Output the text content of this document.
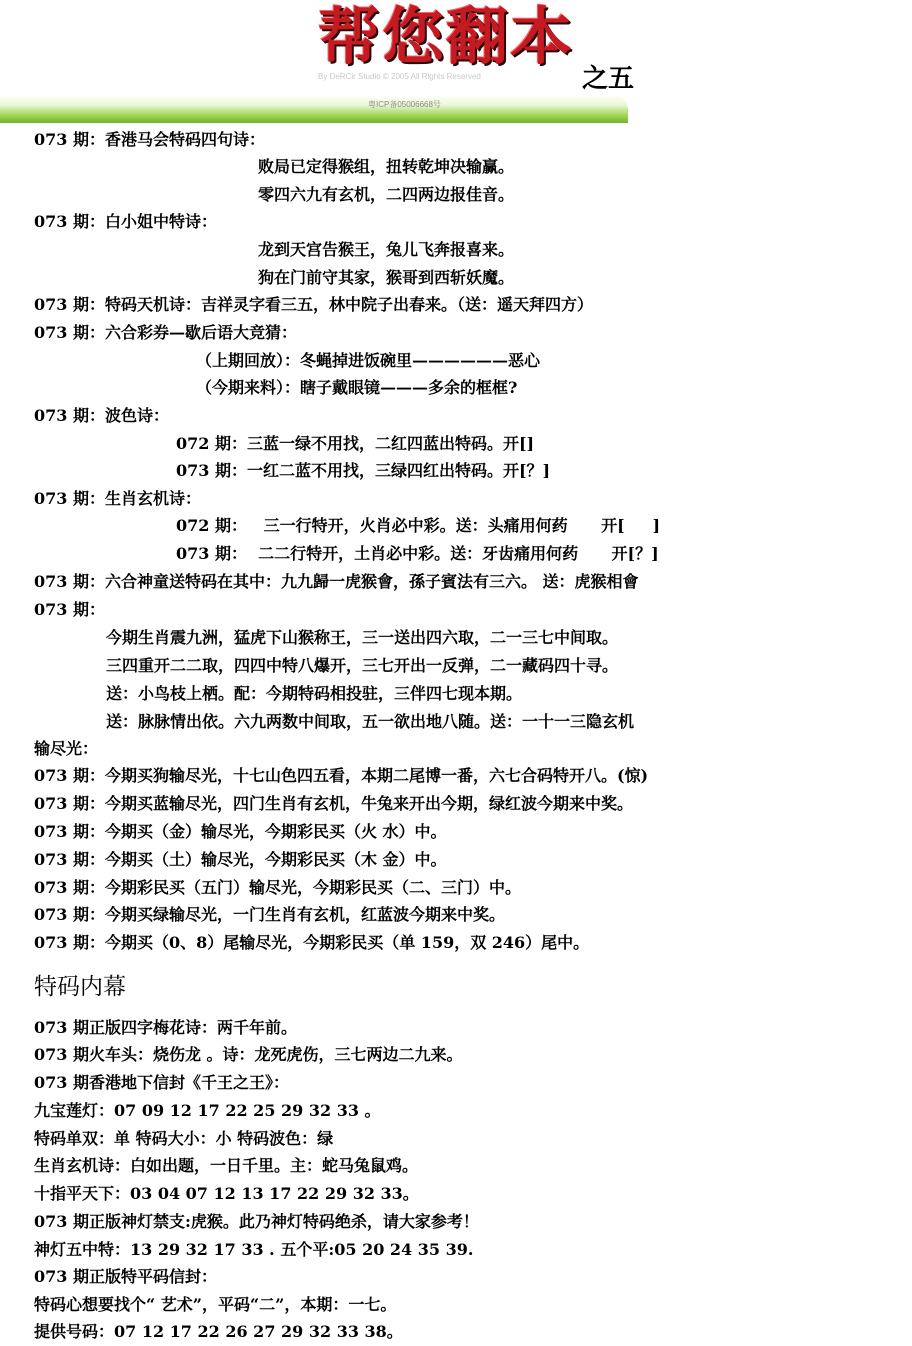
By DeRCir Studio © 2005 All Rights Reserved
粤ICP备05006668号
帮您翻本
之五
073 期：香港马会特码四句诗：
败局已定得猴组，扭转乾坤决输赢。
零四六九有玄机，二四两边报佳音。
073 期：白小姐中特诗：
龙到天宫告猴王，兔儿飞奔报喜来。
狗在门前守其家，猴哥到西斩妖魔。
073 期：特码天机诗：吉祥灵字看三五，林中院子出春来。（送：遥天拜四方）
073 期：六合彩券—歇后语大竞猜：
（上期回放）：冬蝇掉进饭碗里——————恶心
（今期来料）：瞎子戴眼镜———多余的框框?
073 期：波色诗：
072 期：三蓝一绿不用找，二红四蓝出特码。开[]
073 期：一红二蓝不用找，三绿四红出特码。开[？]
073 期：生肖玄机诗：
072 期：   三一行特开，火肖必中彩。送：头痛用何药      开[     ]
073 期：  二二行特开，土肖必中彩。送：牙齿痛用何药      开[？]
073 期：六合神童送特码在其中：九九歸一虎猴會，孫子賓法有三六。 送：虎猴相會
073 期：
今期生肖震九洲，猛虎下山猴称王，三一送出四六取，二一三七中间取。
三四重开二二取，四四中特八爆开，三七开出一反弹，二一藏码四十寻。
送：小鸟枝上栖。配：今期特码相投驻，三伴四七现本期。
送：脉脉情出依。六九两数中间取，五一欲出地八随。送：一十一三隐玄机
输尽光：
073 期：今期买狗输尽光，十七山色四五看，本期二尾博一番，六七合码特开八。(惊)
073 期：今期买蓝输尽光，四门生肖有玄机，牛兔来开出今期，绿红波今期来中奖。
073 期：今期买（金）输尽光，今期彩民买（火 水）中。
073 期：今期买（土）输尽光，今期彩民买（木 金）中。
073 期：今期彩民买（五门）输尽光，今期彩民买（二、三门）中。
073 期：今期买绿输尽光，一门生肖有玄机，红蓝波今期来中奖。
073 期：今期买（0、8）尾输尽光，今期彩民买（单 159，双 246）尾中。
特码内幕
073 期正版四字梅花诗：两千年前。
073 期火车头：烧伤龙 。诗：龙死虎伤，三七两边二九来。
073 期香港地下信封《千王之王》：
九宝莲灯：07 09 12 17 22 25 29 32 33 。
特码单双：单 特码大小：小 特码波色：绿
生肖玄机诗：白如出题，一日千里。主：蛇马兔鼠鸡。
十指平天下：03 04 07 12 13 17 22 29 32 33。
073 期正版神灯禁支:虎猴。此乃神灯特码绝杀，请大家参考！
神灯五中特：13 29 32 17 33 . 五个平:05 20 24 35 39.
073 期正版特平码信封：
特码心想要找个“ 艺术”，平码“二”，本期：一七。
提供号码：07 12 17 22 26 27 29 32 33 38。
